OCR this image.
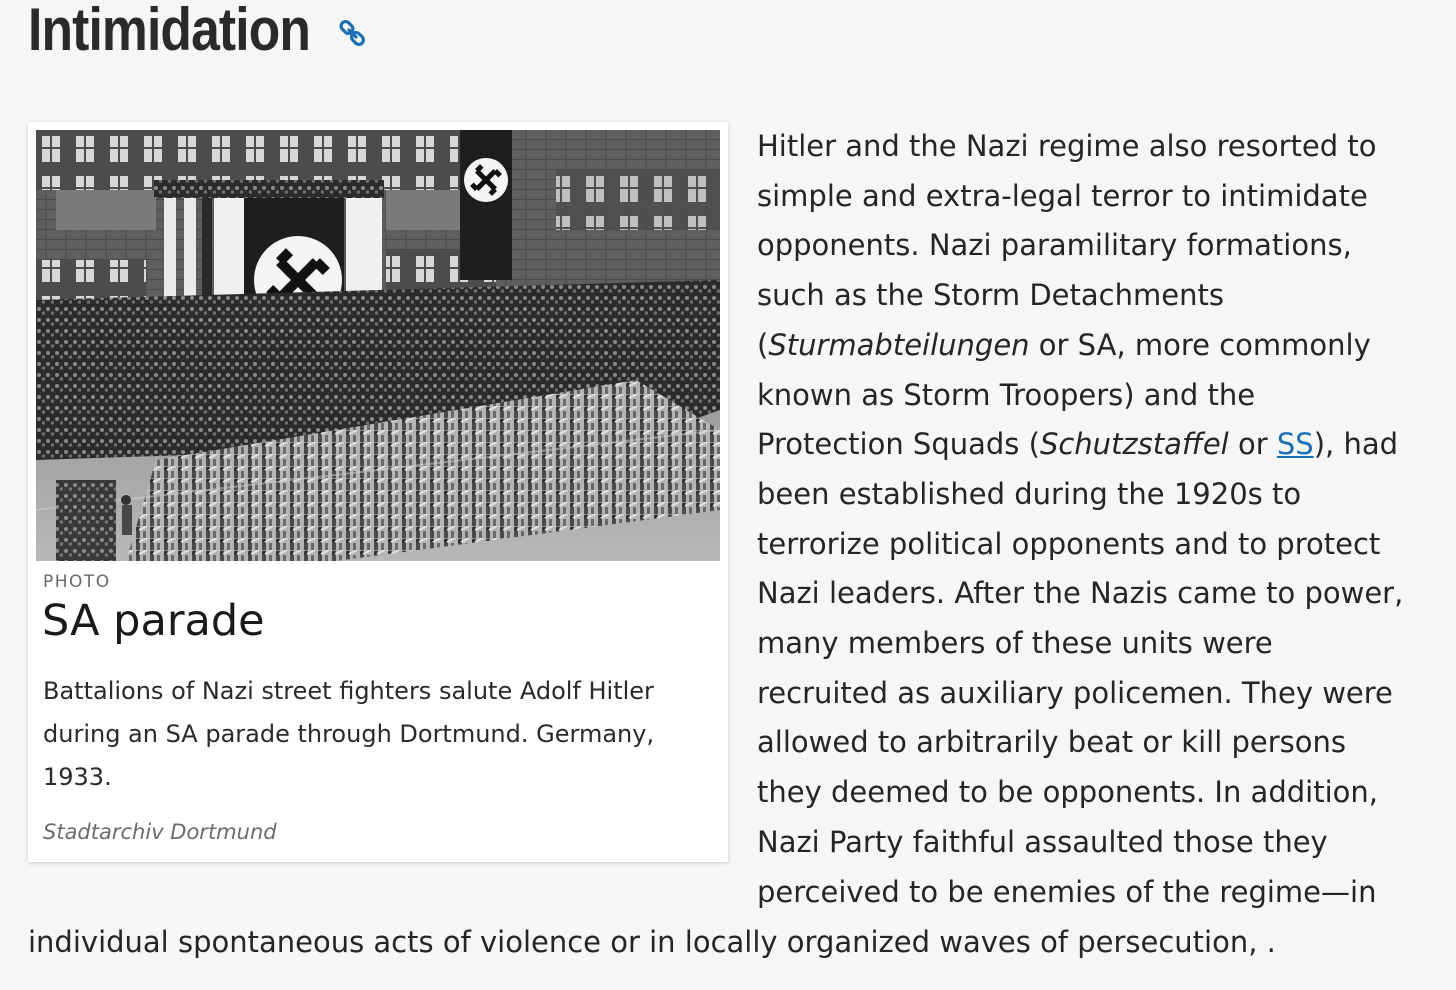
Intimidation
PHOTO
SA parade
Battalions of Nazi street fighters salute Adolf Hitler
during an SA parade through Dortmund. Germany,
1933.
Stadtarchiv Dortmund
Hitler and the Nazi regime also resorted to
simple and extra-legal terror to intimidate
opponents. Nazi paramilitary formations,
such as the Storm Detachments
(Sturmabteilungen or SA, more commonly
known as Storm Troopers) and the
Protection Squads (Schutzstaffel or SS), had
been established during the 1920s to
terrorize political opponents and to protect
Nazi leaders. After the Nazis came to power,
many members of these units were
recruited as auxiliary policemen. They were
allowed to arbitrarily beat or kill persons
they deemed to be opponents. In addition,
Nazi Party faithful assaulted those they
perceived to be enemies of the regime—in
individual spontaneous acts of violence or in locally organized waves of persecution, .
